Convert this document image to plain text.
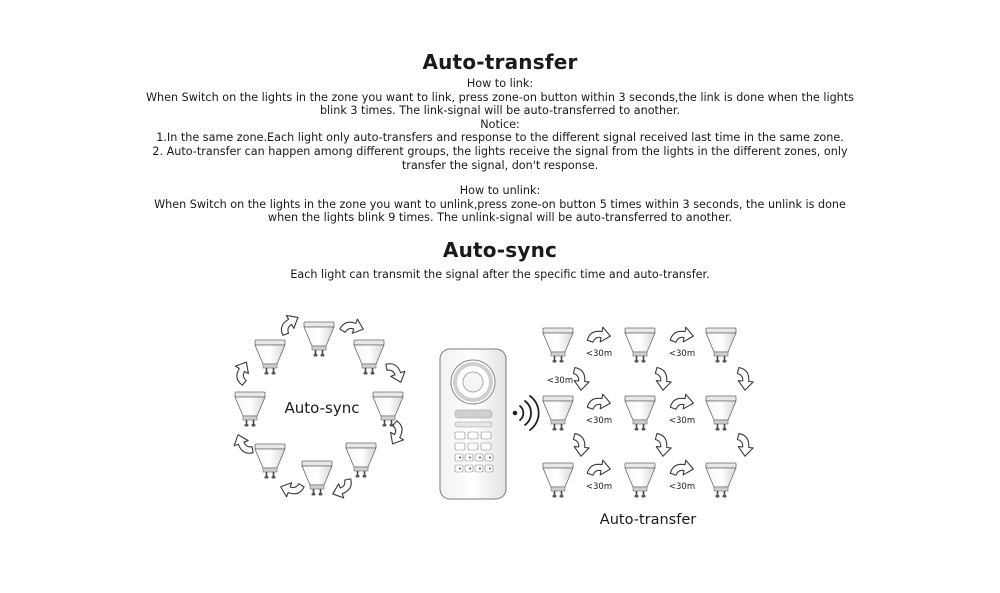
Auto-transfer

How to link:

When Switch on the lights in the zone you want to link, press zone-on button within 3 seconds,the link is done when the lights

blink 3 times. The link-signal will be auto-transferred to another.

Notice:

1.In the same zone.Each light only auto-transfers and response to the different signal received last time in the same zone.

2. Auto-transfer can happen among different groups, the lights receive the signal from the lights in the different zones, only

transfer the signal, don't response.

How to unlink:

When Switch on the lights in the zone you want to unlink,press zone-on button 5 times within 3 seconds, the unlink is done

when the lights blink 9 times. The unlink-signal will be auto-transferred to another.

Auto-sync

Each light can transmit the signal after the specific time and auto-transfer.

Auto-sync
<30m	<30m
<30m
<30m	<30m
<30m	<30m
Auto-transfer
